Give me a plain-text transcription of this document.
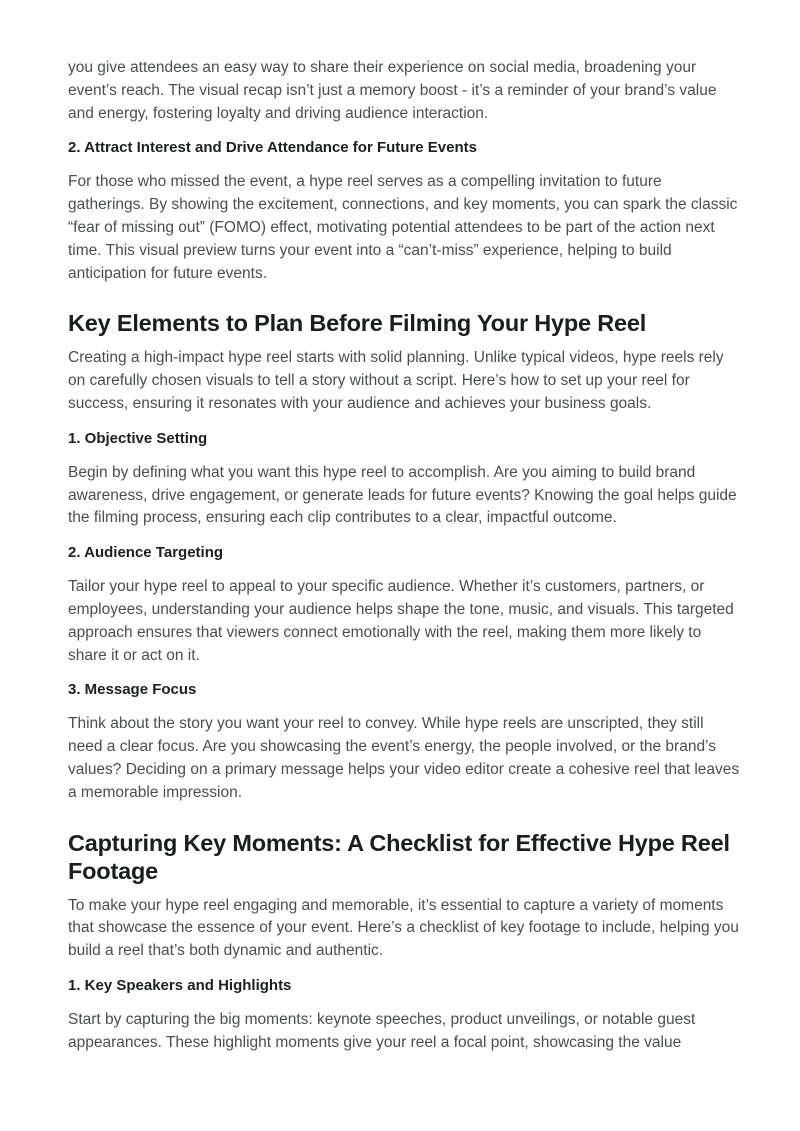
you give attendees an easy way to share their experience on social media, broadening your event’s reach. The visual recap isn’t just a memory boost - it’s a reminder of your brand’s value and energy, fostering loyalty and driving audience interaction.

2. Attract Interest and Drive Attendance for Future Events

For those who missed the event, a hype reel serves as a compelling invitation to future gatherings. By showing the excitement, connections, and key moments, you can spark the classic “fear of missing out” (FOMO) effect, motivating potential attendees to be part of the action next time. This visual preview turns your event into a “can’t-miss” experience, helping to build anticipation for future events.

Key Elements to Plan Before Filming Your Hype Reel

Creating a high-impact hype reel starts with solid planning. Unlike typical videos, hype reels rely on carefully chosen visuals to tell a story without a script. Here’s how to set up your reel for success, ensuring it resonates with your audience and achieves your business goals.

1. Objective Setting

Begin by defining what you want this hype reel to accomplish. Are you aiming to build brand awareness, drive engagement, or generate leads for future events? Knowing the goal helps guide the filming process, ensuring each clip contributes to a clear, impactful outcome.

2. Audience Targeting

Tailor your hype reel to appeal to your specific audience. Whether it’s customers, partners, or employees, understanding your audience helps shape the tone, music, and visuals. This targeted approach ensures that viewers connect emotionally with the reel, making them more likely to share it or act on it.

3. Message Focus

Think about the story you want your reel to convey. While hype reels are unscripted, they still need a clear focus. Are you showcasing the event’s energy, the people involved, or the brand’s values? Deciding on a primary message helps your video editor create a cohesive reel that leaves a memorable impression.

Capturing Key Moments: A Checklist for Effective Hype Reel Footage

To make your hype reel engaging and memorable, it’s essential to capture a variety of moments that showcase the essence of your event. Here’s a checklist of key footage to include, helping you build a reel that’s both dynamic and authentic.

1. Key Speakers and Highlights

Start by capturing the big moments: keynote speeches, product unveilings, or notable guest appearances. These highlight moments give your reel a focal point, showcasing the value
